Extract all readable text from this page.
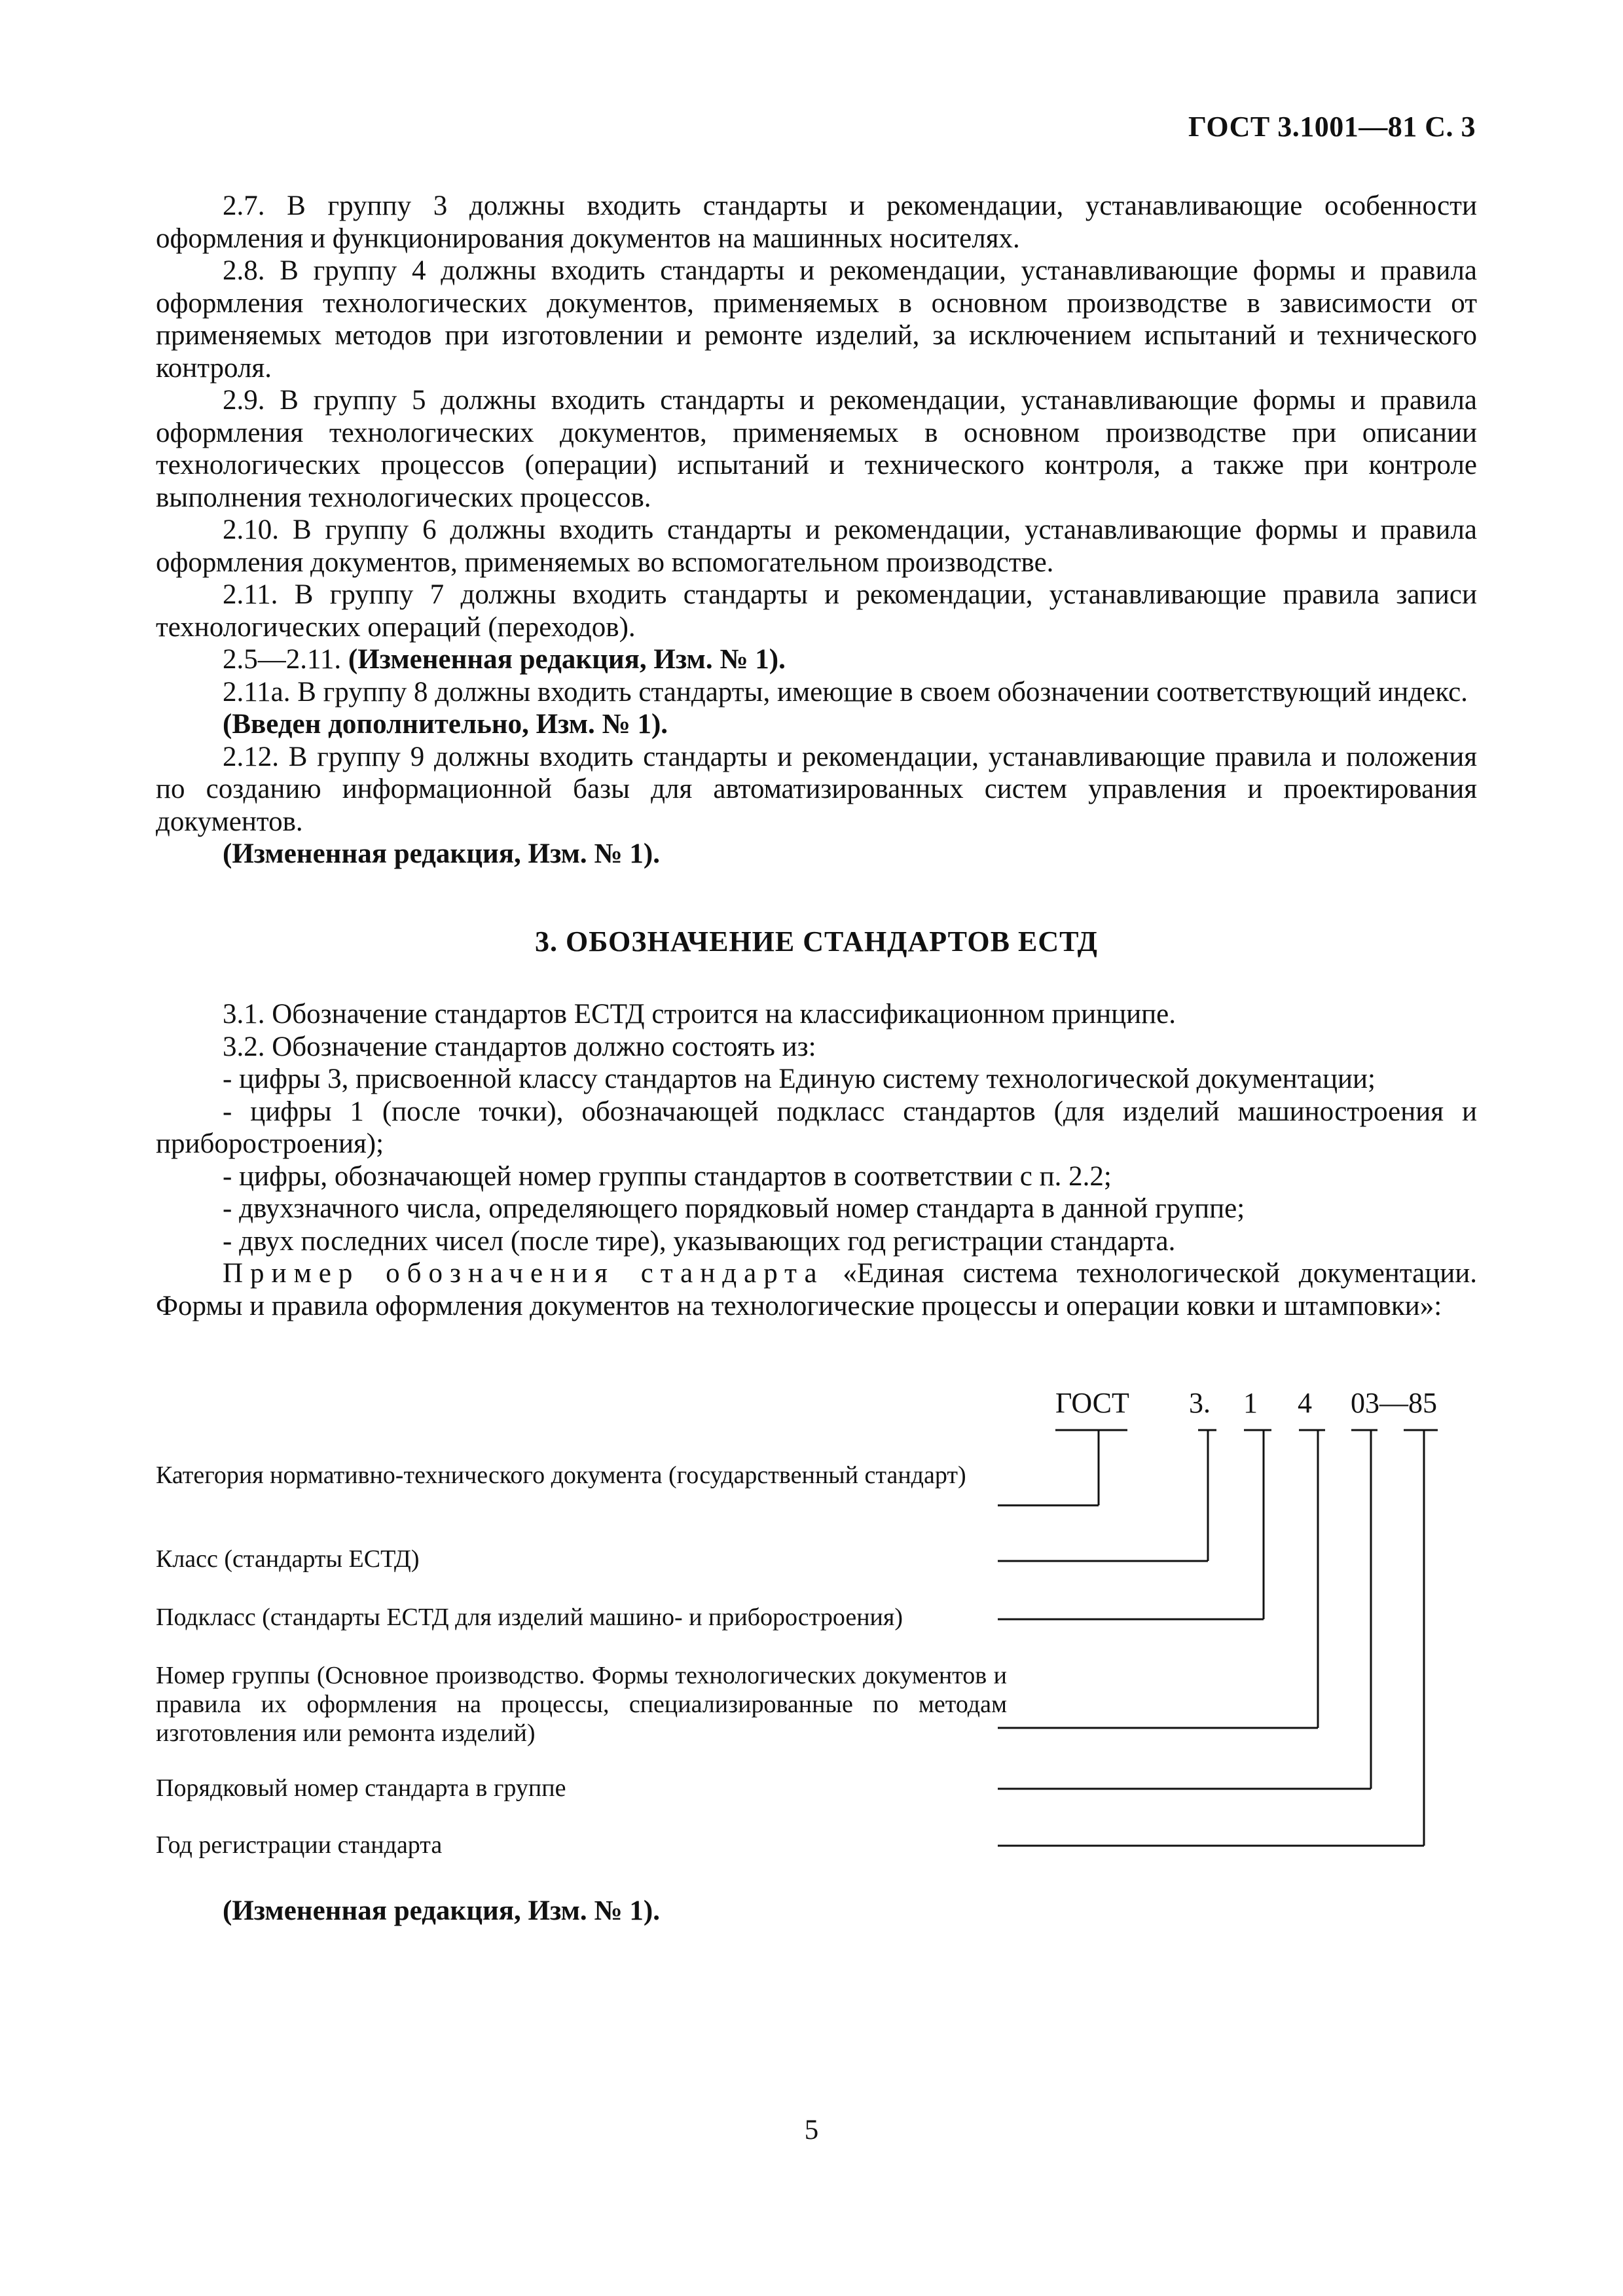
ГОСТ 3.1001—81 С. 3

2.7. В группу 3 должны входить стандарты и рекомендации, устанавливающие особенности оформления и функционирования документов на машинных носителях.

2.8. В группу 4 должны входить стандарты и рекомендации, устанавливающие формы и правила оформления технологических документов, применяемых в основном производстве в зависимости от применяемых методов при изготовлении и ремонте изделий, за исключением испытаний и технического контроля.

2.9. В группу 5 должны входить стандарты и рекомендации, устанавливающие формы и правила оформления технологических документов, применяемых в основном производстве при описании технологических процессов (операции) испытаний и технического контроля, а также при контроле выполнения технологических процессов.

2.10. В группу 6 должны входить стандарты и рекомендации, устанавливающие формы и правила оформления документов, применяемых во вспомогательном производстве.

2.11. В группу 7 должны входить стандарты и рекомендации, устанавливающие правила записи технологических операций (переходов).

2.5—2.11. (Измененная редакция, Изм. № 1).

2.11а. В группу 8 должны входить стандарты, имеющие в своем обозначении соответствующий индекс.

(Введен дополнительно, Изм. № 1).

2.12. В группу 9 должны входить стандарты и рекомендации, устанавливающие правила и положения по созданию информационной базы для автоматизированных систем управления и проектирования документов.

(Измененная редакция, Изм. № 1).

3. ОБОЗНАЧЕНИЕ СТАНДАРТОВ ЕСТД

3.1. Обозначение стандартов ЕСТД строится на классификационном принципе.

3.2. Обозначение стандартов должно состоять из:

- цифры 3, присвоенной классу стандартов на Единую систему технологической документации;

- цифры 1 (после точки), обозначающей подкласс стандартов (для изделий машиностроения и приборостроения);

- цифры, обозначающей номер группы стандартов в соответствии с п. 2.2;

- двухзначного числа, определяющего порядковый номер стандарта в данной группе;

- двух последних чисел (после тире), указывающих год регистрации стандарта.

Пример обозначения стандарта «Единая система технологической документации. Формы и правила оформления документов на технологические процессы и операции ковки и штамповки»:

ГОСТ 3. 1 4 03—85
Категория нормативно-технического документа (государственный стандарт)
Класс (стандарты ЕСТД)
Подкласс (стандарты ЕСТД для изделий машино- и приборостроения)
Номер группы (Основное производство. Формы технологических документов и правила их оформления на процессы, специализированные по методам изготовления или ремонта изделий)
Порядковый номер стандарта в группе
Год регистрации стандарта
(Измененная редакция, Изм. № 1).
5
